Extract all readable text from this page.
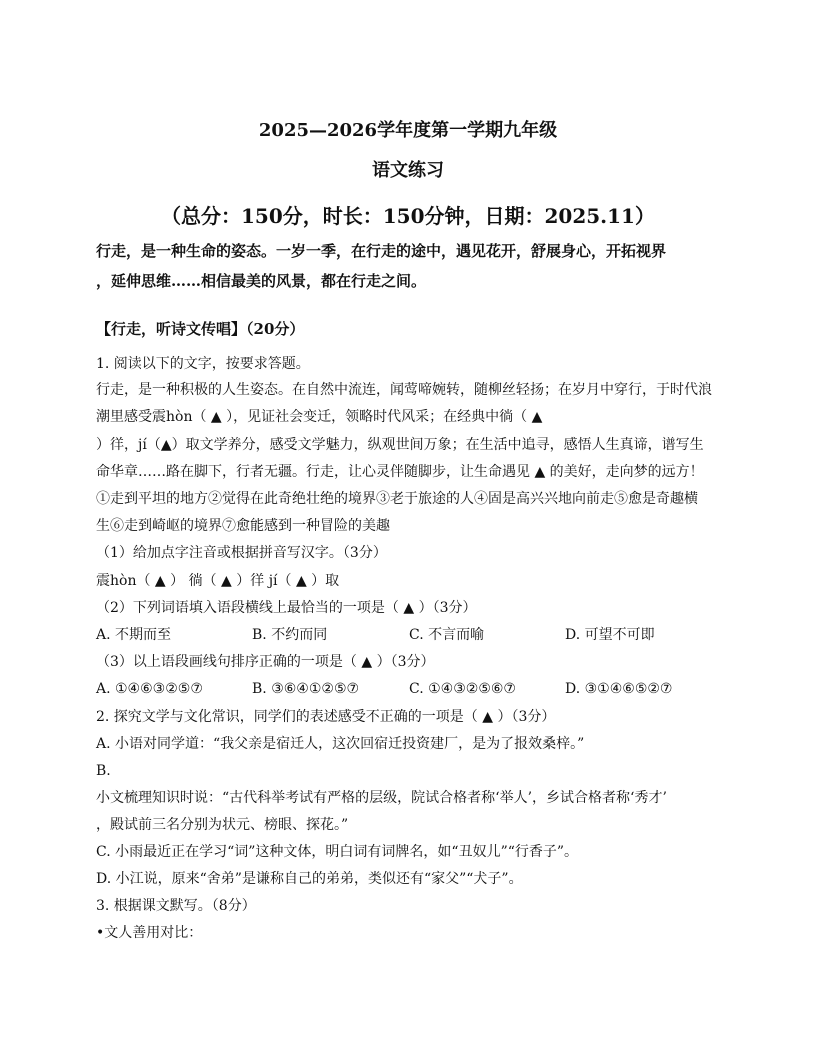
2025—2026学年度第一学期九年级
语文练习
（总分：150分，时长：150分钟，日期：2025.11）
行走，是一种生命的姿态。一岁一季，在行走的途中，遇见花开，舒展身心，开拓视界
，延伸思维……相信最美的风景，都在行走之间。
【行走，听诗文传唱】（20分）
1. 阅读以下的文字，按要求答题。
行走，是一种积极的人生姿态。在自然中流连，闻莺啼婉转，随柳丝轻扬；在岁月中穿行，于时代浪
潮里感受震hòn（ ▲ ），见证社会变迁，领略时代风采；在经典中徜（ ▲
）徉，jí（▲）取文学养分，感受文学魅力，纵观世间万象；在生活中追寻，感悟人生真谛，谱写生
命华章……路在脚下，行者无疆。行走，让心灵伴随脚步，让生命遇见 ▲ 的美好，走向梦的远方！
①走到平坦的地方②觉得在此奇绝壮绝的境界③老于旅途的人④固是高兴兴地向前走⑤愈是奇趣横
生⑥走到崎岖的境界⑦愈能感到一种冒险的美趣
（1）给加点字注音或根据拼音写汉字。（3分）
震hòn（ ▲ ） 徜（ ▲ ）徉 jí（ ▲ ）取
（2）下列词语填入语段横线上最恰当的一项是（ ▲ ）（3分）
A. 不期而至	B. 不约而同	C. 不言而喻	D. 可望不可即
（3）以上语段画线句排序正确的一项是（ ▲ ）（3分）
A. ①④⑥③②⑤⑦	B. ③⑥④①②⑤⑦	C. ①④③②⑤⑥⑦	D. ③①④⑥⑤②⑦
2. 探究文学与文化常识，同学们的表述感受不正确的一项是（ ▲ ）（3分）
A. 小语对同学道：“我父亲是宿迁人，这次回宿迁投资建厂，是为了报效桑梓。”
B.
小文梳理知识时说：“古代科举考试有严格的层级，院试合格者称‘举人’，乡试合格者称‘秀才’
，殿试前三名分别为状元、榜眼、探花。”
C. 小雨最近正在学习“词”这种文体，明白词有词牌名，如“丑奴儿”“行香子”。
D. 小江说，原来“舍弟”是谦称自己的弟弟，类似还有“家父”“犬子”。
3. 根据课文默写。（8分）
•文人善用对比：
